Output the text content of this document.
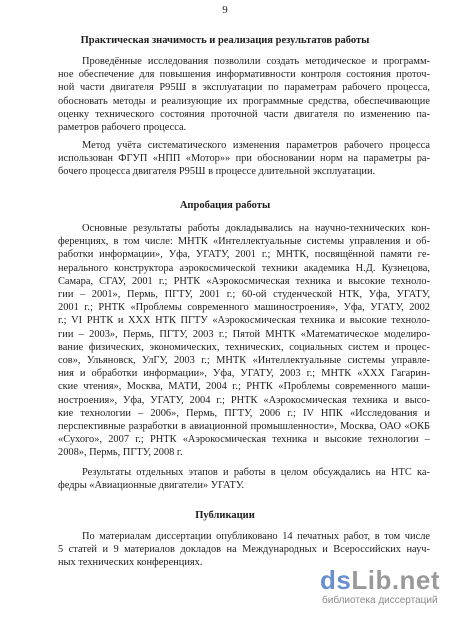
9
Практическая значимость и реализация результатов работы
Проведённые исследования позволили создать методическое и программ-
ное обеспечение для повышения информативности контроля состояния проточ-
ной части двигателя Р95Ш в эксплуатации по параметрам рабочего процесса,
обосновать методы и реализующие их программные средства, обеспечивающие
оценку технического состояния проточной части двигателя по изменению па-
раметров рабочего процесса.
Метод учёта систематического изменения параметров рабочего процесса
использован ФГУП «НПП «Мотор»» при обосновании норм на параметры ра-
бочего процесса двигателя Р95Ш в процессе длительной эксплуатации.
Апробация работы
Основные результаты работы докладывались на научно-технических кон-
ференциях, в том числе: МНТК «Интеллектуальные системы управления и об-
работки информации», Уфа, УГАТУ, 2001 г.; МНТК, посвящённой памяти ге-
нерального конструктора аэрокосмической техники академика Н.Д. Кузнецова,
Самара, СГАУ, 2001 г.; РНТК «Аэрокосмическая техника и высокие техноло-
гии – 2001», Пермь, ПГТУ, 2001 г.; 60-ой студенческой НТК, Уфа, УГАТУ,
2001 г.; РНТК «Проблемы современного машиностроения», Уфа, УГАТУ, 2002
г.; VI РНТК и XXX НТК ПГТУ «Аэрокосмическая техника и высокие техноло-
гии – 2003», Пермь, ПГТУ, 2003 г.; Пятой МНТК «Математическое моделиро-
вание физических, экономических, технических, социальных систем и процес-
сов», Ульяновск, УлГУ, 2003 г.; МНТК «Интеллектуальные системы управле-
ния и обработки информации», Уфа, УГАТУ, 2003 г.; МНТК «XXX Гагарин-
ские чтения», Москва, МАТИ, 2004 г.; РНТК «Проблемы современного маши-
ностроения», Уфа, УГАТУ, 2004 г.; РНТК «Аэрокосмическая техника и высо-
кие технологии – 2006», Пермь, ПГТУ, 2006 г.; IV НПК «Исследования и
перспективные разработки в авиационной промышленности», Москва, ОАО «ОКБ
«Сухого», 2007 г.; РНТК «Аэрокосмическая техника и высокие технологии –
2008», Пермь, ПГТУ, 2008 г.
Результаты отдельных этапов и работы в целом обсуждались на НТС ка-
федры «Авиационные двигатели» УГАТУ.
Публикации
По материалам диссертации опубликовано 14 печатных работ, в том числе
5 статей и 9 материалов докладов на Международных и Всероссийских науч-
ных технических конференциях.
dsLib.net
библиотека диссертаций
